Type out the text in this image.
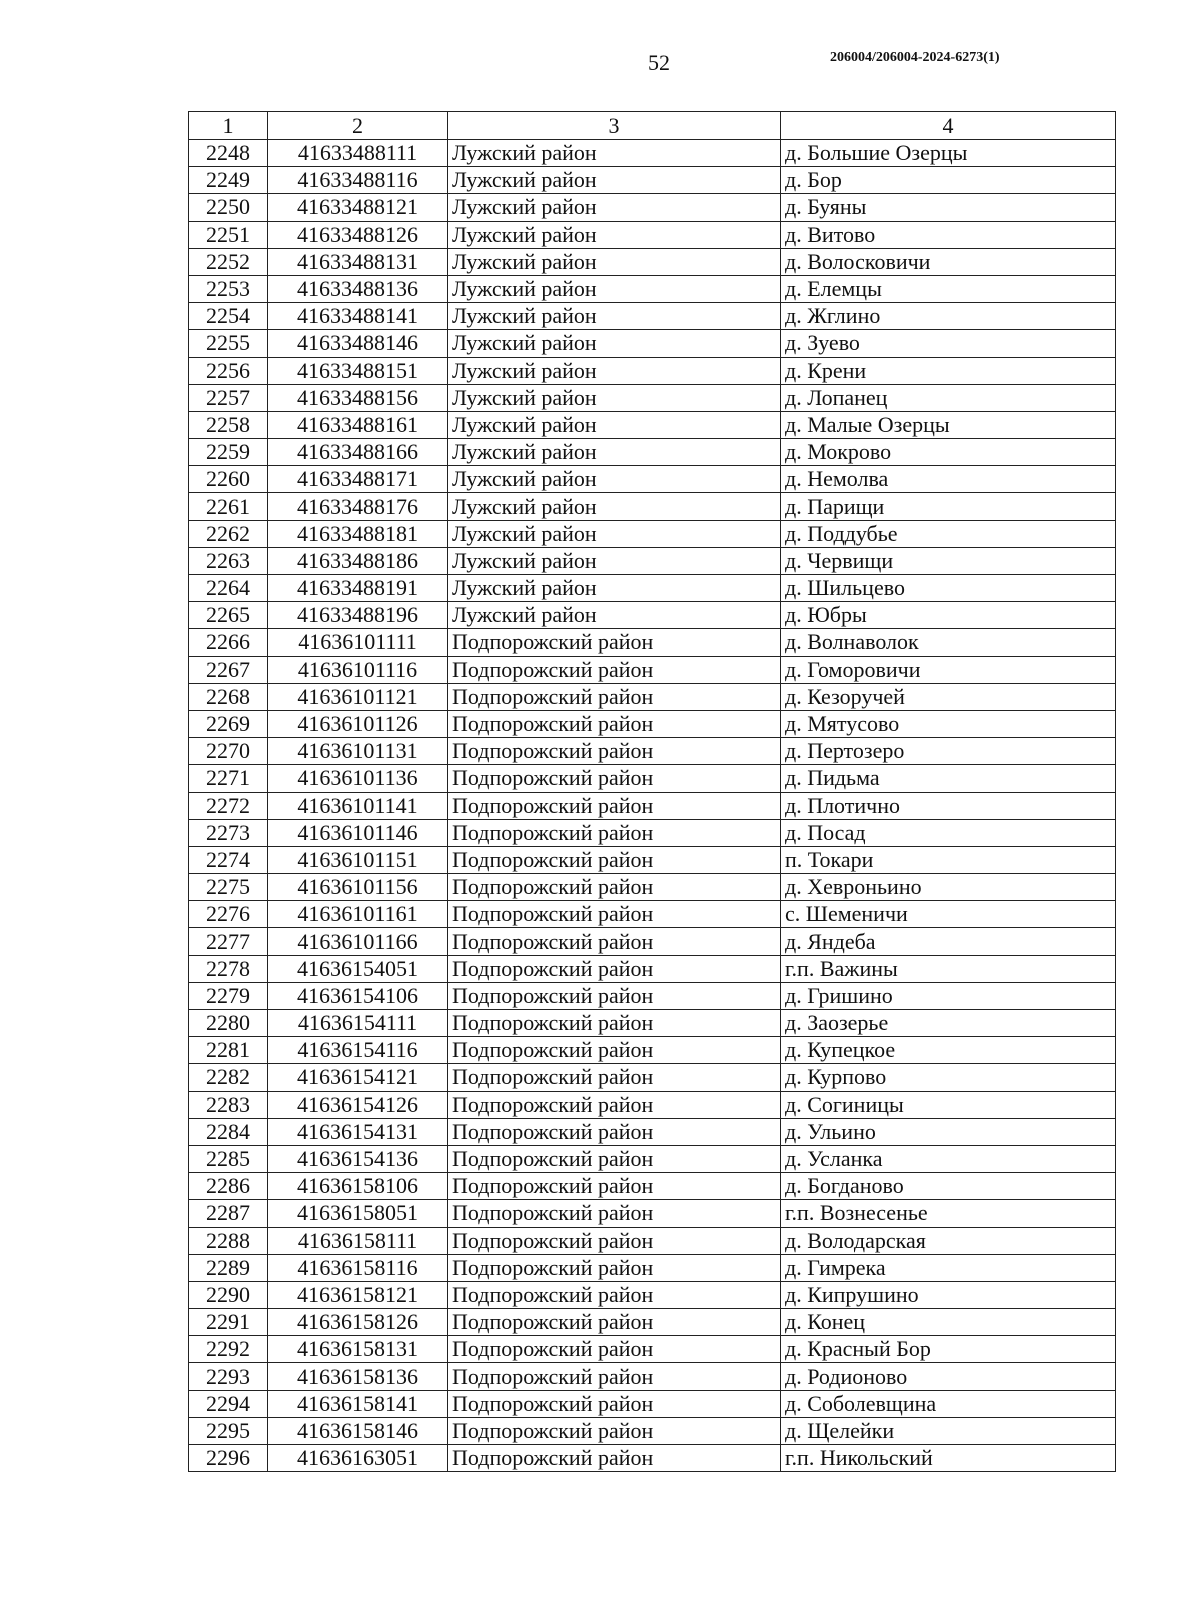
52	206004/206004-2024-6273(1)
1	2	3	4
2248	41633488111	Лужский район	д. Большие Озерцы
2249	41633488116	Лужский район	д. Бор
2250	41633488121	Лужский район	д. Буяны
2251	41633488126	Лужский район	д. Витово
2252	41633488131	Лужский район	д. Волосковичи
2253	41633488136	Лужский район	д. Елемцы
2254	41633488141	Лужский район	д. Жглино
2255	41633488146	Лужский район	д. Зуево
2256	41633488151	Лужский район	д. Крени
2257	41633488156	Лужский район	д. Лопанец
2258	41633488161	Лужский район	д. Малые Озерцы
2259	41633488166	Лужский район	д. Мокрово
2260	41633488171	Лужский район	д. Немолва
2261	41633488176	Лужский район	д. Парищи
2262	41633488181	Лужский район	д. Поддубье
2263	41633488186	Лужский район	д. Червищи
2264	41633488191	Лужский район	д. Шильцево
2265	41633488196	Лужский район	д. Юбры
2266	41636101111	Подпорожский район	д. Волнаволок
2267	41636101116	Подпорожский район	д. Гоморовичи
2268	41636101121	Подпорожский район	д. Кезоручей
2269	41636101126	Подпорожский район	д. Мятусово
2270	41636101131	Подпорожский район	д. Пертозеро
2271	41636101136	Подпорожский район	д. Пидьма
2272	41636101141	Подпорожский район	д. Плотично
2273	41636101146	Подпорожский район	д. Посад
2274	41636101151	Подпорожский район	п. Токари
2275	41636101156	Подпорожский район	д. Хевроньино
2276	41636101161	Подпорожский район	с. Шеменичи
2277	41636101166	Подпорожский район	д. Яндеба
2278	41636154051	Подпорожский район	г.п. Важины
2279	41636154106	Подпорожский район	д. Гришино
2280	41636154111	Подпорожский район	д. Заозерье
2281	41636154116	Подпорожский район	д. Купецкое
2282	41636154121	Подпорожский район	д. Курпово
2283	41636154126	Подпорожский район	д. Согиницы
2284	41636154131	Подпорожский район	д. Ульино
2285	41636154136	Подпорожский район	д. Усланка
2286	41636158106	Подпорожский район	д. Богданово
2287	41636158051	Подпорожский район	г.п. Вознесенье
2288	41636158111	Подпорожский район	д. Володарская
2289	41636158116	Подпорожский район	д. Гимрека
2290	41636158121	Подпорожский район	д. Кипрушино
2291	41636158126	Подпорожский район	д. Конец
2292	41636158131	Подпорожский район	д. Красный Бор
2293	41636158136	Подпорожский район	д. Родионово
2294	41636158141	Подпорожский район	д. Соболевщина
2295	41636158146	Подпорожский район	д. Щелейки
2296	41636163051	Подпорожский район	г.п. Никольский
